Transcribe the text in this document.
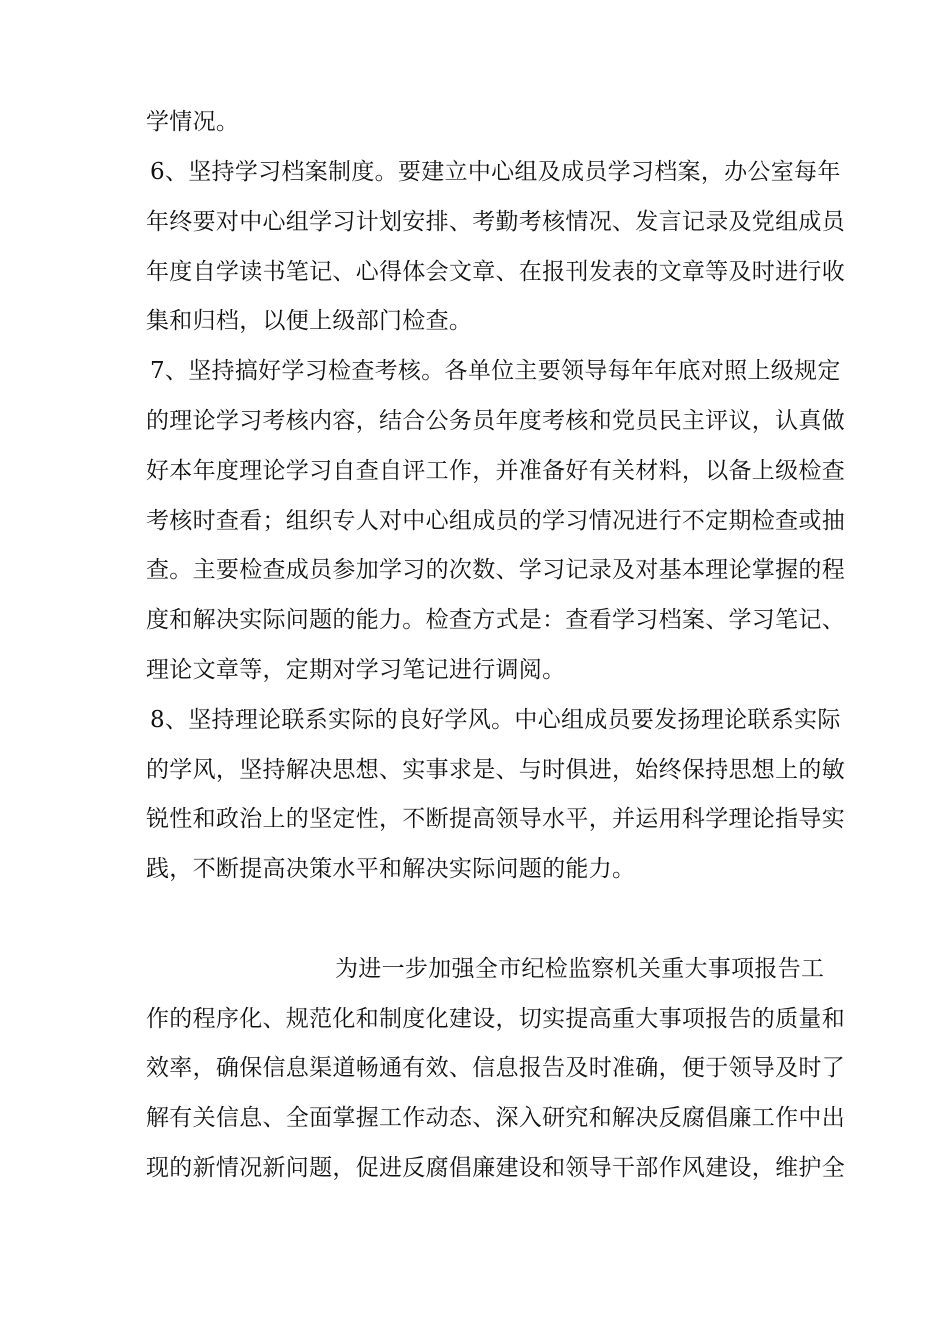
学情况。
6、坚持学习档案制度。要建立中心组及成员学习档案，办公室每年
年终要对中心组学习计划安排、考勤考核情况、发言记录及党组成员
年度自学读书笔记、心得体会文章、在报刊发表的文章等及时进行收
集和归档，以便上级部门检查。
7、坚持搞好学习检查考核。各单位主要领导每年年底对照上级规定
的理论学习考核内容，结合公务员年度考核和党员民主评议，认真做
好本年度理论学习自查自评工作，并准备好有关材料，以备上级检查
考核时查看；组织专人对中心组成员的学习情况进行不定期检查或抽
查。主要检查成员参加学习的次数、学习记录及对基本理论掌握的程
度和解决实际问题的能力。检查方式是：查看学习档案、学习笔记、
理论文章等，定期对学习笔记进行调阅。
8、坚持理论联系实际的良好学风。中心组成员要发扬理论联系实际
的学风，坚持解决思想、实事求是、与时俱进，始终保持思想上的敏
锐性和政治上的坚定性，不断提高领导水平，并运用科学理论指导实
践，不断提高决策水平和解决实际问题的能力。
为进一步加强全市纪检监察机关重大事项报告工
作的程序化、规范化和制度化建设，切实提高重大事项报告的质量和
效率，确保信息渠道畅通有效、信息报告及时准确，便于领导及时了
解有关信息、全面掌握工作动态、深入研究和解决反腐倡廉工作中出
现的新情况新问题，促进反腐倡廉建设和领导干部作风建设，维护全
